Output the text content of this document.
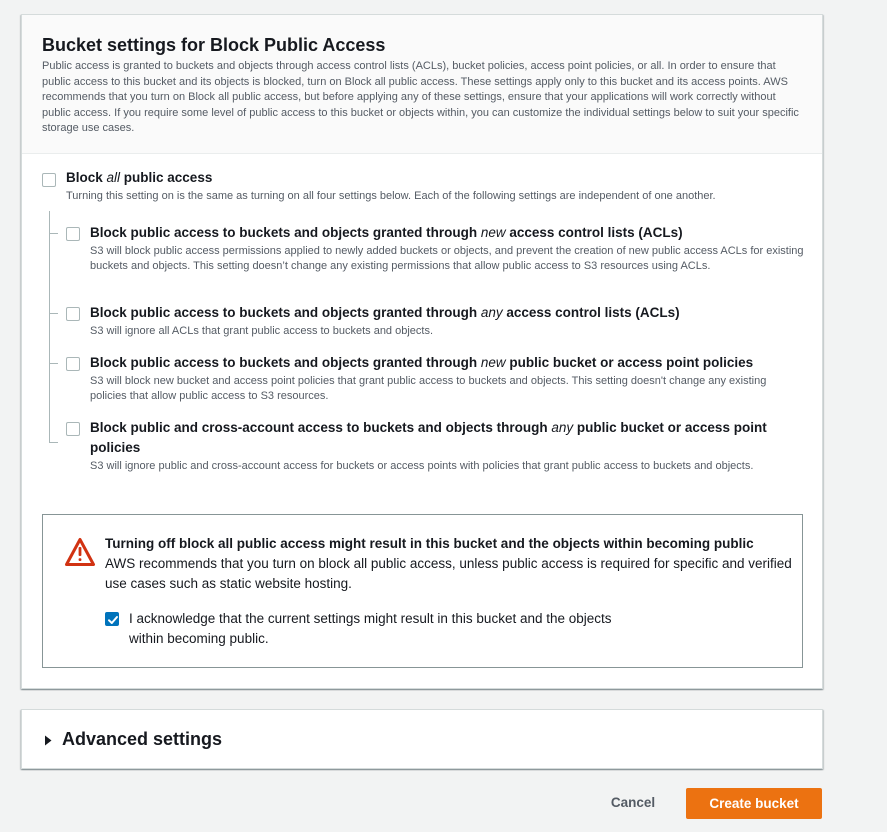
Bucket settings for Block Public Access
Public access is granted to buckets and objects through access control lists (ACLs), bucket policies, access point policies, or all. In order to ensure that public access to this bucket and its objects is blocked, turn on Block all public access. These settings apply only to this bucket and its access points. AWS recommends that you turn on Block all public access, but before applying any of these settings, ensure that your applications will work correctly without public access. If you require some level of public access to this bucket or objects within, you can customize the individual settings below to suit your specific storage use cases.
Block all public access
Turning this setting on is the same as turning on all four settings below. Each of the following settings are independent of one another.
Block public access to buckets and objects granted through new access control lists (ACLs)
S3 will block public access permissions applied to newly added buckets or objects, and prevent the creation of new public access ACLs for existing buckets and objects. This setting doesn’t change any existing permissions that allow public access to S3 resources using ACLs.
Block public access to buckets and objects granted through any access control lists (ACLs)
S3 will ignore all ACLs that grant public access to buckets and objects.
Block public access to buckets and objects granted through new public bucket or access point policies
S3 will block new bucket and access point policies that grant public access to buckets and objects. This setting doesn't change any existing policies that allow public access to S3 resources.
Block public and cross-account access to buckets and objects through any public bucket or access point policies
S3 will ignore public and cross-account access for buckets or access points with policies that grant public access to buckets and objects.
Turning off block all public access might result in this bucket and the objects within becoming public
AWS recommends that you turn on block all public access, unless public access is required for specific and verified use cases such as static website hosting.
I acknowledge that the current settings might result in this bucket and the objects within becoming public.
Advanced settings
Cancel	Create bucket
